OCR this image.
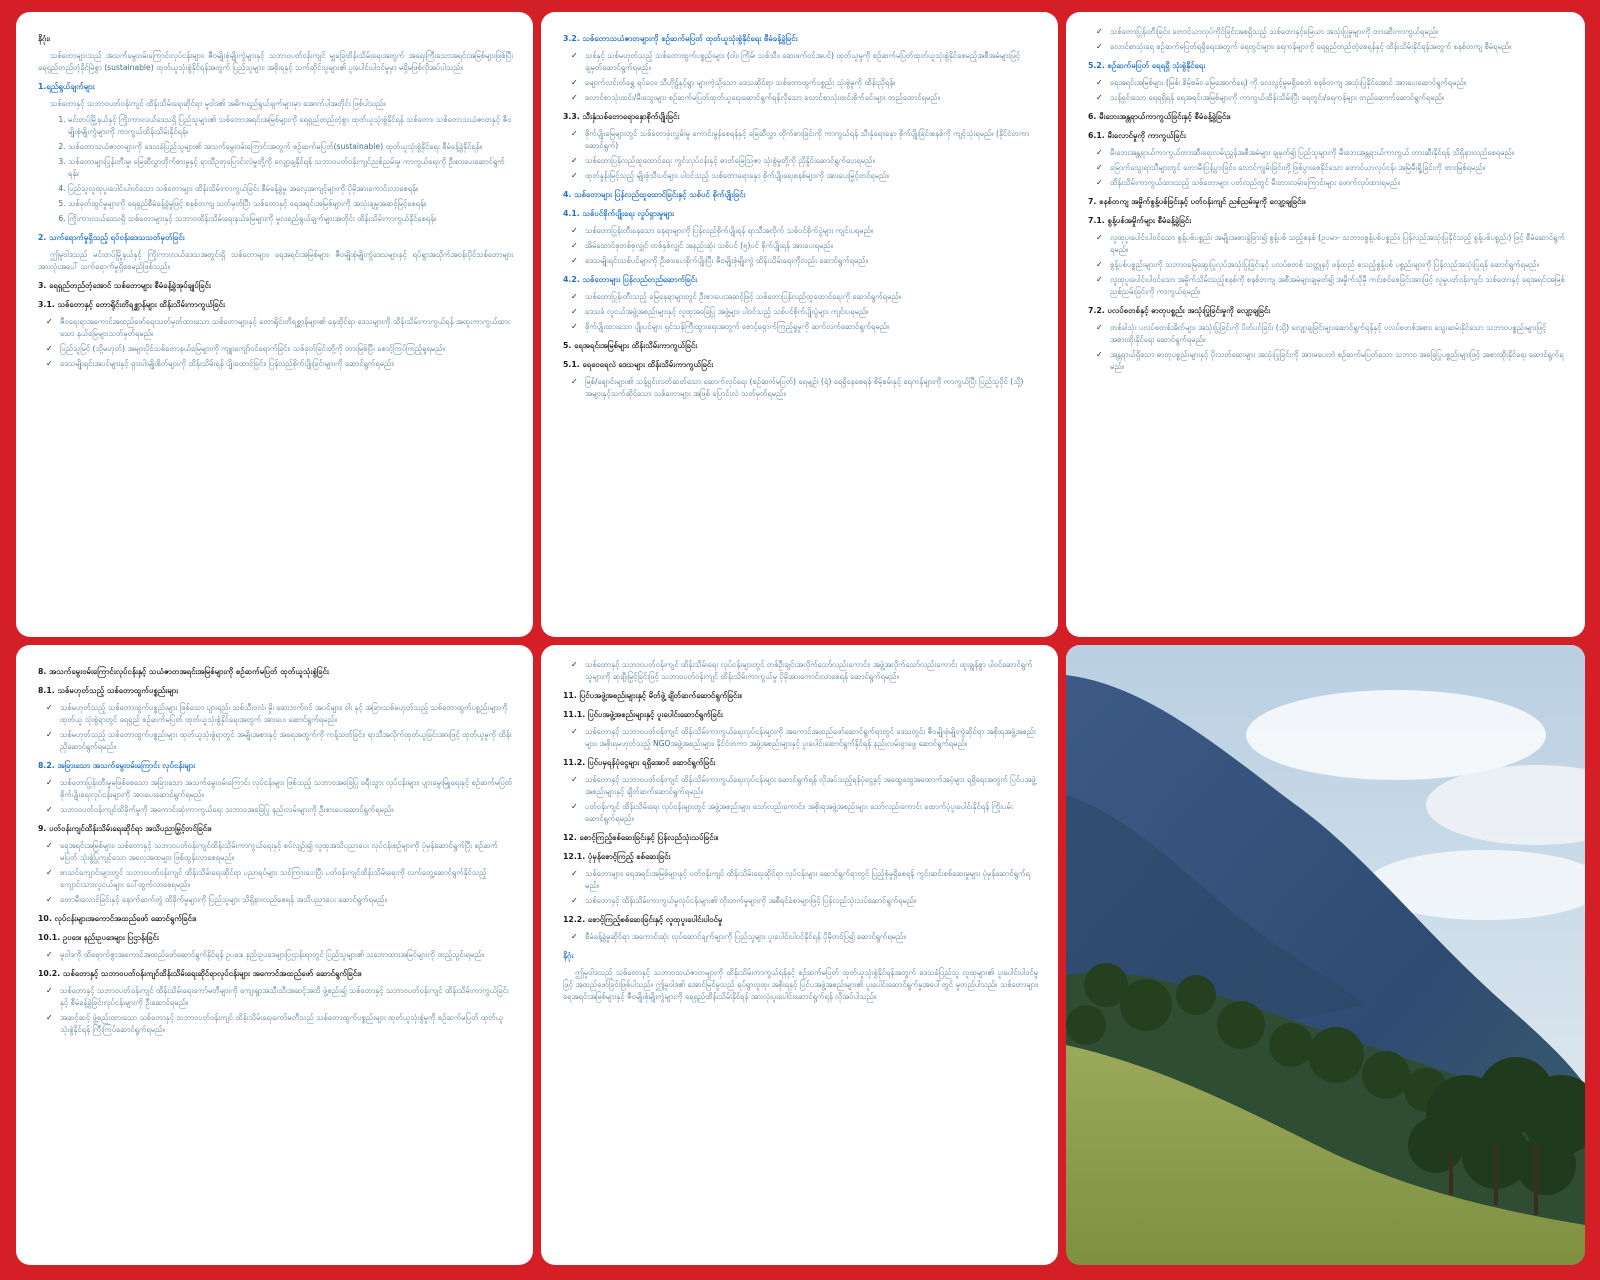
နိဂုံး၊
သစ်တောများသည် အသက်မွေးဝမ်းကြောင်းလုပ်ငန်းများ၊ ဇီဝမျိုးစုံမျိုးကွဲများနှင့် သဘာဝပတ်ဝန်းကျင် မျှခြေထိန်းသိမ်းရေးအတွက် အရေးကြီးသောအရင်းအမြစ်များဖြစ်ပြီး ရေရှည်တည်တံ့ခိုင်မြဲစွာ (sustainable) ထုတ်ယူသုံးစွဲနိုင်ရန်အတွက် ပြည်သူများ၊ အစိုးရနှင့် သက်ဆိုင်သူများ၏ ပူးပေါင်းပါဝင်မှုမှာ မရှိမဖြစ်လိုအပ်ပါသည်။
1.ရည်ရွယ်ချက်များ
သစ်တောနှင့် သဘာဝပတ်ဝန်းကျင် ထိန်းသိမ်းရေးဆိုင်ရာ မူဝါဒ၏ အဓိကရည်ရွယ်ချက်များမှာ အောက်ပါအတိုင်း ဖြစ်ပါသည်။
1. မင်းတပ်မြို့နယ်နှင့် ကြိုးကားလယ်ဒေသရှိ ပြည်သူများ၏ သစ်တောအရင်းအမြစ်များကို ရေရှည်တည်တံ့စွာ ထုတ်ယူသုံးစွဲနိုင်ရန် သစ်တော၊ သစ်တောသယံဇာတနှင့် ဇီဝမျိုးစုံမျိုးကွဲများကို ကာကွယ်ထိန်းသိမ်းနိုင်ရန်။
2. သစ်တောသယံဇာတများကို ဒေသခံပြည်သူများ၏ အသက်မွေးဝမ်းကြောင်းအတွက် စဉ်ဆက်မပြတ်(sustainable) ထုတ်ယူသုံးစွဲနိုင်ရေး စီမံခန့်ခွဲနိုင်ရန်။
3. သစ်တောများပြုန်းတီးမှု၊ မြေဆီလွှာတိုက်စားမှုနှင့် ရာသီဥတုပြောင်းလဲမှုတို့ကို လျော့ချနိုင်ရန် သဘာဝပတ်ဝန်းကျင်ညစ်ညမ်းမှု ကာကွယ်ရေးကို ဦးစားပေးဆောင်ရွက်ရန်။
4. ပြည်သူလူထုပူးပေါင်းပါဝင်သော သစ်တောများ ထိန်းသိမ်းကာကွယ်ခြင်း စီမံခန့်ခွဲမှု အလေ့အကျင့်များကို ပိုမိုအားကောင်းလာစေရန်။
5. သစ်ခုတ်ထွင်မှုများကို ရေရှည်စီမံခန့်ခွဲမှုဖြင့် စနစ်တကျ သတ်မှတ်ပြီး သစ်တောနှင့် ရေအရင်းအမြစ်များကို အသုံးချမှုအဆင့်မြင့်စေရန်။
6. ကြိုးကားလယ်ဒေသရှိ သစ်တောများနှင့် သဘာဝထိန်းသိမ်းရေးနယ်မြေများကို မူလရည်ရွယ်ချက်များအတိုင်း ထိန်းသိမ်းကာကွယ်နိုင်စေရန်။
2. သက်ရောက်မှုရှိသည့် ရပ်ဝန်းဒေသသတ်မှတ်ခြင်း
ဤမူဝါဒသည် မင်းတပ်မြို့နယ်နှင့် ကြိုးကားလယ်ဒေသအတွင်းရှိ သစ်တောများ၊ ရေအရင်းအမြစ်များ၊ ဇီဝမျိုးစုံမျိုးကွဲဒေသများနှင့် ရပ်ရွာအသိုက်အဝန်းပိုင်သစ်တောများအားလုံးအပေါ် သက်ရောက်မှုရှိစေမည်ဖြစ်သည်။
3. ရေရှည်တည်တံ့အောင် သစ်တောများ စီမံခန့်ခွဲအုပ်ချုပ်ခြင်း
3.1. သစ်တောနှင့် တောရိုင်းတိရစ္ဆာန်များ ထိန်းသိမ်းကာကွယ်ခြင်း
✓ ဇီဝရေးရာအကောင်အထည်ဖော်ရေးသတ်မှတ်ထားသော သစ်တောများနှင့် တောရိုင်းတိရစ္ဆာန်များ၏ နေထိုင်ရာ ဒေသများကို ထိန်းသိမ်းကာကွယ်ရန် အထူးကာကွယ်ထားသော နယ်မြေများသတ်မှတ်ရမည်။
✓ ပြည်သူမြင် (သို့မဟုတ်) အများပိုင်သစ်တောနယ်မြေများကို ကျူးကျော်ဝင်ရောက်ခြင်း၊ သစ်ခုတ်ခြင်းတို့ကို တားမြစ်ပြီး စောင့်ကြပ်ကြည့်ရှုရမည်။
✓ ဒေသမျိုးရင်းအပင်များနှင့် ရှားပါးမျိုးစိတ်များကို ထိန်းသိမ်းရန် ပျိုးထောင်ခြင်း၊ ပြန်လည်စိုက်ပျိုးခြင်းများကို ဆောင်ရွက်ရမည်။
3.2. သစ်တောသယံဇာတများကို စဉ်ဆက်မပြတ် ထုတ်ယူသုံးစွဲနိုင်ရေး စီမံခန့်ခွဲခြင်း
✓ သစ်နှင့် သစ်မဟုတ်သည့် သစ်တောထွက်ပစ္စည်းများ (ဝါး၊ ကြိမ်၊ သစ်သီး၊ ဆေးဖက်ဝင်အပင်) ထုတ်ယူမှုကို စဉ်ဆက်မပြတ်ထုတ်ယူသုံးစွဲနိုင်စေမည့်အစီအမံများဖြင့် ချမှတ်ဆောင်ရွက်ရမည်။
✓ မျောက်လင်းတ်ရွှေ ရပ်ဝေး၊ သီဟိုဠ်နှင့်ရွာ များကဲ့သို့သော ဒေသဆိုင်ရာ သစ်တောထွက်ပစ္စည်း သုံးစွဲမှုကို ထိန်းညှိရန်။
✓ လောင်စာသုံးထင်း/မီးသွေးများ စဉ်ဆက်မပြတ်ထုတ်ယူရေးဆောင်ရွက်ရန်လိုသော လောင်စာသုံးထင်းစိုက်ခင်းများ တည်ထောင်ရမည်။
3.3. သီးနှံသစ်တောရောနှောစိုက်ပျိုးခြင်း
✓ စိုက်ပျိုးမြေများတွင် သစ်တောဖုံးလွှမ်းမှု ကောင်းမွန်စေရန်နှင့် မြေဆီလွှာ တိုက်စားခြင်းကို ကာကွယ်ရန် သီးနှံရောနှော စိုက်ပျိုးခြင်းစနစ်ကို ကျင့်သုံးရမည်။ (နိုင်ငံတကာဆောင်ရွက်)
✓ သစ်တောပြန်လည်ထူထောင်ရေး ကွင်းလုပ်ငန်းနှင့် ဓာတ်မြေဩဇာ သုံးစွဲမှုတို့ကို ညှိနှိုင်းဆောင်ရွက်ပေးရမည်။
✓ ထုတ်နှုန်းမြင့်သည့် မျိုးစုံသီးပင်များ ပါဝင်သည့် သစ်တောရောနှော စိုက်ပျိုးရေးစနစ်များကို အားပေးမြှင့်တင်ရမည်။
4. သစ်တောများ ပြန်လည်ထူထောင်ခြင်းနှင့် သစ်ပင် စိုက်ပျိုးခြင်း
4.1. သစ်ပင်စိုက်ပျိုးရေး လှုပ်ရှားမှုများ
✓ သစ်တောပြုန်းတီးနေသော နေရာများကို ပြန်လည်စိုက်ပျိုးရန် ရာသီအလိုက် သစ်ပင်စိုက်ပွဲများ ကျင်းပရမည်။
✓ အိမ်ထောင်စုတစ်စုလျှင် တစ်နှစ်လျှင် အနည်းဆုံး သစ်ပင် (၅)ပင် စိုက်ပျိုးရန် အားပေးရမည်။
✓ ဒေသမျိုးရင်းသစ်ပင်များကို ဦးစားပေးစိုက်ပျိုးပြီး ဇီဝမျိုးစုံမျိုးကွဲ ထိန်းသိမ်းရေးကိုလည်း ဆောင်ရွက်ရမည်။
4.2. သစ်တောများ ပြန်လည်တည်ဆောက်ခြင်း
✓ သစ်တောပြုန်းတီးသည့် မြေနေရာများတွင် ဦးစားပေးအဆင့်ဖြင့် သစ်တောပြန်လည်ထူထောင်ရေးကို ဆောင်ရွက်ရမည်။
✓ ဒေသခံ လူငယ်အဖွဲ့အစည်းများနှင့် လူထုအခြေပြု အဖွဲ့များ ပါဝင်သည့် သစ်ပင်စိုက်ပျိုးပွဲများ ကျင်းပရမည်။
✓ စိုက်ပျိုးထားသော ပျိုးပင်များ ရှင်သန်ကြီးထွားရေးအတွက် စောင့်ရှောက်ကြည့်ရှုမှုကို ဆက်လက်ဆောင်ရွက်ရမည်။
5. ရေအရင်းအမြစ်များ ထိန်းသိမ်းကာကွယ်ခြင်း
5.1. ရေဝေရေလဲ ဒေသများ ထိန်းသိမ်းကာကွယ်ခြင်း
✓ မြစ်/ချောင်းများ၏ သန့်ရှင်းလတ်ဆတ်သော ဆောက်လုပ်ရေး (စဉ်ဆက်မပြတ်) ရေမျဉ်း (ရဲ) ရေရှိနေစေရန် စိမ့်စမ်းနှင့် ရေကန်များကို ကာကွယ်ပြီး ပြည်သူပိုင် (သို့) အများနှင့်သက်ဆိုင်သော သစ်တောများ အဖြစ် ပြောင်းလဲ သတ်မှတ်ရမည်။
✓ သစ်တောပြုန်းတီးခြင်း၊ တောင်ယာလုပ်ကိုင်ခြင်းအစရှိသည့် သစ်တောနှင့်မြေယာ အသုံးပြုမှုများကို တားဆီးကာကွယ်ရမည်။
✓ လောင်စာသုံးရေ စဉ်ဆက်မပြတ်ရရှိရေးအတွက် ရေတွင်းများ၊ ရေကန်များကို ရေရှည်တည်တံ့စေရန်နှင့် ထိန်းသိမ်းနိုင်ရန်အတွက် စနစ်တကျ စီမံရမည်။
5.2. စဉ်ဆက်မပြတ် ရေရရှိ သုံးစွဲနိုင်ရေး
✓ ရေအရင်းအမြစ်များ (မြစ်၊ စိမ့်စမ်း၊ မြေအောက်ရေ) ကို လေလွင့်မှုမရှိစေဘဲ စနစ်တကျ အသုံးပြုနိုင်အောင် အားပေးဆောင်ရွက်ရမည်။
✓ သန့်ရှင်းသော ရေရရှိရန် ရေအရင်းအမြစ်များကို ကာကွယ်ထိန်းသိမ်းပြီး ရေတွင်း/ရေကန်များ တည်ဆောက်ဆောင်ရွက်ရမည်။
6. မီးဘေးအန္တရာယ်ကာကွယ်ခြင်းနှင့် စီမံခန့်ခွဲခြင်း။
6.1. မီးလောင်မှုကို ကာကွယ်ခြင်း
✓ မီးဘေးအန္တရာယ်ကာကွယ်တားဆီးရေးလမ်းညွှန်အစီအမံများ ချမှတ်၍ ပြည်သူများကို မီးဘေးအန္တရာယ်ကာကွယ် တားဆီးနိုင်ရန် သိရှိနားလည်စေရမည်။
✓ မြောက်သွေးရာသီများတွင် တောမီးပြန့်ပွားခြင်း၊ လောင်ကျွမ်းခြင်းတို့ဖြစ်ပွားစေနိုင်သော တောင်ယာလုပ်ငန်း အမြဲမီးရှို့ခြင်းကို တားမြစ်ရမည်။
✓ ထိန်းသိမ်းကာကွယ်ထားသည့် သစ်တောများ ပတ်လည်တွင် မီးတားလမ်းကြောင်းများ ဖောက်လုပ်ထားရမည်။
7. စနစ်တကျ အမှိုက်စွန့်ပစ်ခြင်းနှင့် ပတ်ဝန်းကျင် ညစ်ညမ်းမှုကို လျော့ချခြင်း။
7.1. စွန့်ပစ်အမှိုက်များ စီမံခန့်ခွဲခြင်း
✓ လူထုပူးပေါင်းပါဝင်သော စွန့်ပစ်ပစ္စည်း အမျိုးအစားခွဲခြား၍ စွန့်ပစ် သည့်စနစ် (ဥပမာ- သဘာဝစွန့်ပစ်ပစ္စည်း၊ ပြန်လည်အသုံးပြုနိုင်သည့် စွန့်ပစ်ပစ္စည်း) ဖြင့် စီမံဆောင်ရွက်ရမည်။
✓ စွန့်ပစ်ပစ္စည်းများကို သဘာဝမြေဆွေးပြုလုပ်အသုံးပြုခြင်းနှင့် ပလပ်စတစ် သတ္တုနှင့် ဖန်ထည် စသည့်စွန့်ပစ် ပစ္စည်းများကို ပြန်လည်အသုံးပြုရန် ဆောင်ရွက်ရမည်။
✓ လူထုပူးပေါင်းပါဝင်သော အမှိုက်သိမ်းသည့်စနစ်ကို စနစ်တကျ အစီအမံများချမှတ်၍ အမှိုက်သိုမှီ ကင်းစင်စေခြင်းအားဖြင့် လူမှုပတ်ဝန်းကျင်၊ သစ်တောနှင့် ရေအရင်းအမြစ်ညစ်ညမ်းခြင်းကို ကာကွယ်ရမည်။
7.2. ပလပ်စတစ်နှင့် ဓာတုပစ္စည်း အသုံးပြုခြင်းမှုကို လျော့ချခြင်း
✓ တစ်ခါသုံး ပလပ်စတစ်အိတ်များ အသုံးပြုခြင်းကို ပိတ်ပင်ခြင်း (သို့) လျော့ချခြင်းများဆောင်ရွက်ရန်နှင့် ပလပ်စတစ်အစား သွေးဆမ်းနိုင်သော သဘာဝပစ္စည်းများဖြင့် အစားထိုးနိုင်ရေး ဆောင်ရွက်ရမည်။
✓ အန္တရာယ်ရှိသော ဓာတုပစ္စည်းများနှင့် ပိုးသတ်ဆေးများ အသုံးပြုခြင်းကို အားမပေးဘဲ စဉ်ဆက်မပြတ်သော သဘာဝ အခြေပြုပစ္စည်းများဖြင့် အစားထိုးနိုင်ရေး ဆောင်ရွက်ရမည်။
8. အသက်မွေးဝမ်းကြောင်းလုပ်ငန်းနှင့် သယံဇာတအရင်းအမြစ်များကို စဉ်ဆက်မပြတ် ထုတ်ယူသုံးစွဲခြင်း
8.1. သစ်မဟုတ်သည့် သစ်တောထွက်ပစ္စည်းများ
✓ သစ်မဟုတ်သည့် သစ်တောထွက်ပစ္စည်းများ ဖြစ်သော ပျားရည်၊ သစ်သီးဝလံ၊ မှို၊ ဆေးဘက်ဝင် အပင်များ၊ ဝါး နှင့် အခြားသစ်မဟုတ်သည့် သစ်တောထွက်ပစ္စည်းများကို ထုတ်ယူ သုံးစွဲရာတွင် ရေရှည် စဉ်ဆက်မပြတ် ထုတ်ယူသုံးစွဲနိုင်ရေးအတွက် အားပေး ဆောင်ရွက်ရမည်။
✓ သစ်မဟုတ်သည့် သစ်တောထွက်ပစ္စည်းများ ထုတ်ယူသုံးစွဲရာတွင် အမျိုးအစားနှင့် အရေအတွက်ကို ကန့်သတ်ခြင်း၊ ရာသီအလိုက်ထုတ်ယူခြင်းအားဖြင့် ထုတ်ယူမှုကို ထိန်းညှိဆောင်ရွက်ရမည်။
8.2. အခြားသော အသက်မွေးဝမ်းကြောင်း လုပ်ငန်းများ
✓ သစ်တောပြုန်းတီးမှုမဖြစ်စေသော အခြားသော အသက်မွေးဝမ်းကြောင်း လုပ်ငန်းများ ဖြစ်သည့် သဘာဝအခြေပြု ခရီးသွား လုပ်ငန်းများ၊ ပျားမွေးမြူရေးနှင့် စဉ်ဆက်မပြတ် စိုက်ပျိုးရေးလုပ်ငန်းများကို အားပေးဆောင်ရွက်ရမည်။
✓ သဘာဝပတ်ဝန်းကျင်ထိခိုက်မှုကို အကောင်းဆုံးကာကွယ်ရေး သဘာဝအခြေပြု နည်းလမ်းများကို ဦးစားပေးဆောင်ရွက်ရမည်။
9. ပတ်ဝန်းကျင်ထိန်းသိမ်းရေးဆိုင်ရာ အသိပညာမြှင့်တင်ခြင်း။
✓ ရေအရင်းအမြစ်များ၊ သစ်တောနှင့် သဘာဝပတ်ဝန်းကျင်ထိန်းသိမ်းကာကွယ်ရေးနှင့် စပ်လျဉ်း၍ လူထုအသိပညာပေး လုပ်ငန်းစဉ်များကို ပုံမှန်ဆောင်ရွက်ပြီး စဉ်ဆက်မပြတ် သုံးစွဲပြုကျင့်သော အလေ့အထများ ဖြစ်ထွန်းလာစေရမည်။
✓ စာသင်ကျောင်းများတွင် သဘာဝပတ်ဝန်းကျင် ထိန်းသိမ်းရေးဆိုင်ရာ ပညာရပ်များ သင်ကြားပေးပြီး ပတ်ဝန်းကျင်ထိန်းသိမ်းရေးကို လက်တွေ့ဆောင်ရွက်နိုင်သည့် ကျောင်းသားလူငယ်များ ပေါ်ထွက်လာစေရမည်။
✓ တောမီးလောင်ခြင်းနှင့် နောက်ဆက်တွဲ ထိခိုက်မှုများကို ပြည်သူများ သိရှိနားလည်စေရန် အသိပညာပေး ဆောင်ရွက်ရမည်။
10. လုပ်ငန်းများအကောင်အထည်ဖော် ဆောင်ရွက်ခြင်း။
10.1. ဥပဒေ၊ နည်းဥပဒေများ ပြဌာန်းခြင်း
✓ မူဝါဒကို ထိရောက်စွာအကောင်အထည်ဖော်ဆောင်ရွက်နိုင်ရန် ဥပဒေ၊ နည်းဥပဒေများပြဌာန်းရာတွင် ပြည်သူများ၏ သဘောထားအမြင်များကို ထည့်သွင်းရမည်။
10.2. သစ်တောနှင့် သဘာဝပတ်ဝန်းကျင်ထိန်းသိမ်းရေးဆိုင်ရာလုပ်ငန်းများ အကောင်အထည်ဖော် ဆောင်ရွက်ခြင်း။
✓ သစ်တောနှင့် သဘာဝပတ်ဝန်းကျင် ထိန်းသိမ်းရေးကော်မတီများကို ကျေးရွာအသီးသီးအဆင့်အထိ ဖွဲ့စည်း၍ သစ်တောနှင့် သဘာဝပတ်ဝန်းကျင် ထိန်းသိမ်းကာကွယ်ခြင်းနှင့် စီမံခန့်ခွဲခြင်းလုပ်ငန်းများကို ဦးဆောင်ရမည်။
✓ အဆင့်ဆင့် ဖွဲ့စည်းထားသော သစ်တောနှင့် သဘာဝပတ်ဝန်းကျင် ထိန်းသိမ်းရေးကော်မတီသည် သစ်တောထွက်ပစ္စည်းများ ထုတ်ယူသုံးစွဲမှုကို စဉ်ဆက်မပြတ် ထုတ်ယူသုံးစွဲနိုင်ရန် ကြီးကြပ်ဆောင်ရွက်ရမည်။
✓ သစ်တောနှင့် သဘာဝပတ်ဝန်းကျင် ထိန်းသိမ်းရေး လုပ်ငန်းများတွင် တစ်ဦးချင်းအလိုက်သော်လည်းကောင်း၊ အဖွဲ့အလိုက်သော်လည်းကောင်း ထူးချွန်စွာ ပါဝင်ဆောင်ရွက်သူများကို ဆုချီးမြှင့်ခြင်းဖြင့် သဘာဝပတ်ဝန်းကျင် ထိန်းသိမ်းကာကွယ်မှု ပိုမိုအားကောင်းလာစေရန် ဆောင်ရွက်ရမည်။
11. ပြင်ပအဖွဲ့အစည်းများနှင့် မိတ်ဖွဲ့ ချိတ်ဆက်ဆောင်ရွက်ခြင်း။
11.1. ပြင်ပအဖွဲ့အစည်းများနှင့် ပူးပေါင်းဆောင်ရွက်ခြင်း
✓ သစ်တောနှင့် သဘာဝပတ်ဝန်းကျင် ထိန်းသိမ်းကာကွယ်ရေးလုပ်ငန်းများကို အကောင်အထည်ဖော်ဆောင်ရွက်ရာတွင် ဒေသတွင်း ဇီဝမျိုးစုံမျိုးကွဲဆိုင်ရာ အစိုးရအဖွဲ့အစည်းများ၊ အစိုးရမဟုတ်သည့် NGOအဖွဲ့အစည်းများ၊ နိုင်ငံတကာ အဖွဲ့အစည်းများနှင့် ပူးပေါင်းဆောင်ရွက်နိုင်ရန် နည်းလမ်းရှာဖွေ ဆောင်ရွက်ရမည်။
11.2. ပြင်ပမှရန်ပုံငွေများ ရရှိအောင် ဆောင်ရွက်ခြင်း
✓ သစ်တောနှင့် သဘာဝပတ်ဝန်းကျင် ထိန်းသိမ်းကာကွယ်ရေးလုပ်ငန်းများ ဆောင်ရွက်ရန် လိုအပ်သည့်ရန်ပုံငွေနှင့် အထွေထွေအထောက်အပံ့များ ရရှိရေးအတွက် ပြင်ပအဖွဲ့အစည်းများနှင့် ချိတ်ဆက်ဆောင်ရွက်ရမည်။
✓ ပတ်ဝန်းကျင် ထိန်းသိမ်းရေး လုပ်ငန်းများတွင် အဖွဲ့အစည်းများ သော်လည်းကောင်း၊ အစိုးရအဖွဲ့အစည်းများ သော်လည်းကောင်း ထောက်ပံ့ပူးပေါင်းနိုင်ရန် ကြိုးပမ်းဆောင်ရွက်ရမည်။
12. စောင့်ကြည့်စစ်ဆေးခြင်းနှင့် ပြန်လည်သုံးသပ်ခြင်း။
12.1. ပုံမှန်စောင့်ကြည့် စစ်ဆေးခြင်း
✓ သစ်တောများ၊ ရေအရင်းအမြစ်များနှင့် ပတ်ဝန်းကျင် ထိန်းသိမ်းရေးဆိုင်ရာ လုပ်ငန်းများ ဆောင်ရွက်ရာတွင် ပြည့်စုံမှုရှိစေရန် ကွင်းဆင်းစစ်ဆေးမှုများ ပုံမှန်ဆောင်ရွက်ရမည်။
✓ သစ်တောနှင့် ထိန်းသိမ်းကာကွယ်မှုလုပ်ငန်းများ၏ တိုးတက်မှုများကို အစီရင်ခံစာများဖြင့် ပြန်လည်သုံးသပ်ဆောင်ရွက်ရမည်။
12.2. စောင့်ကြည့်စစ်ဆေးခြင်းနှင့် လူထုပူးပေါင်းပါဝင်မှု
✓ စီမံခန့်ခွဲမှုဆိုင်ရာ အကောင်းဆုံး လုပ်ဆောင်ချက်များကို ပြည်သူများ ပူးပေါင်းပါဝင်နိုင်ရန် ပိုမိုတင်ပြ၍ ဆောင်ရွက်ရမည်။
နိဂုံး
ဤမူဝါဒသည် သစ်တောနှင့် သဘာဝသယံဇာတများကို ထိန်းသိမ်းကာကွယ်ရန်နှင့် စဉ်ဆက်မပြတ် ထုတ်ယူသုံးစွဲနိုင်ရန်အတွက် ဒေသခံပြည်သူ လူထုများ၏ ပူးပေါင်းပါဝင်မှုဖြင့် အထည်ဖော်ခြင်းဖြစ်ပါသည်။ ဤမူဝါဒ၏ အောင်မြင်မှုသည် ရပ်ရွာလူထု၊ အစိုးရနှင့် ပြင်ပအဖွဲ့အစည်းများ၏ ပူးပေါင်းဆောင်ရွက်မှုအပေါ်တွင် မူတည်ပါသည်။ သစ်တောများ၊ ရေအရင်းအမြစ်များနှင့် ဇီဝမျိုးစုံမျိုးကွဲများကို ရေရှည်ထိန်းသိမ်းနိုင်ရန် အားလုံးပူးပေါင်းဆောင်ရွက်ရန် လိုအပ်ပါသည်။
